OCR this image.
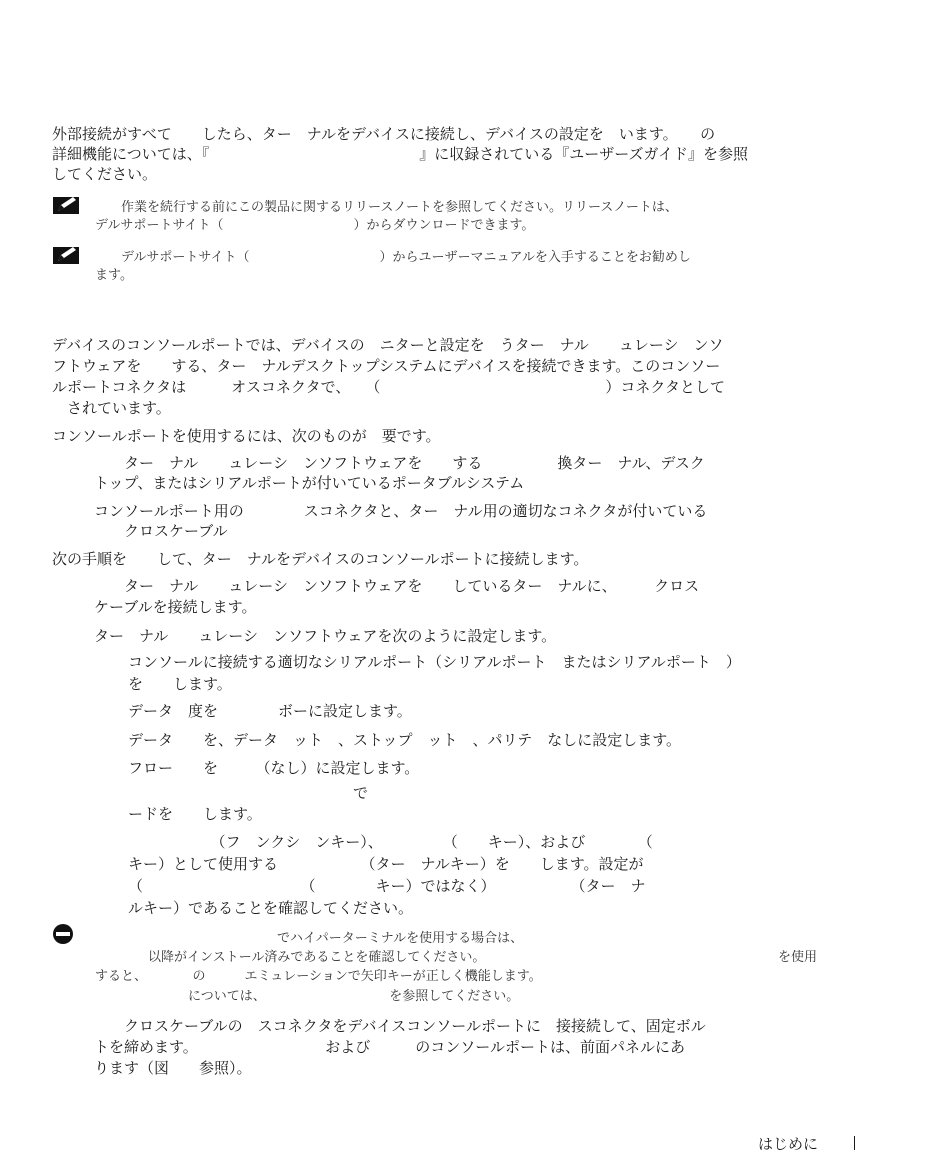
外部接続がすべて　　したら、ター　ナルをデバイスに接続し、デバイスの設定を　います。　　の
詳細機能については、『　　　　　　　　　　　　　　』に収録されている『ユーザーズガイド』を参照
してください。
　　作業を続行する前にこの製品に関するリリースノートを参照してください。リリースノートは、
デルサポートサイト（　　　　　　　　　　）からダウンロードできます。
　　デルサポートサイト（　　　　　　　　　　）からユーザーマニュアルを入手することをお勧めし
ます。
デバイスのコンソールポートでは、デバイスの　ニターと設定を　うター　ナル　　ュレーシ　ンソ
フトウェアを　　する、ター　ナルデスクトップシステムにデバイスを接続できます。このコンソー
ルポートコネクタは　　　オスコネクタで、　　（　　　　　　　　　　　　　　　）コネクタとして
　されています。
コンソールポートを使用するには、次のものが　要です。
　　ター　ナル　　ュレーシ　ンソフトウェアを　　する　　　　　換ター　ナル、デスク
トップ、またはシリアルポートが付いているポータブルシステム
コンソールポート用の　　　　スコネクタと、ター　ナル用の適切なコネクタが付いている
　　クロスケーブル
次の手順を　　して、ター　ナルをデバイスのコンソールポートに接続します。
　　ター　ナル　　ュレーシ　ンソフトウェアを　　しているター　ナルに、　　　クロス
ケーブルを接続します。
ター　ナル　　ュレーシ　ンソフトウェアを次のように設定します。
コンソールに接続する適切なシリアルポート（シリアルポート　またはシリアルポート　）
を　　します。
データ　度を　　　　ボーに設定します。
データ　　を、データ　ット　、ストップ　ット　、パリテ　なしに設定します。
フロー　　を　　　（なし）に設定します。
　　　　　　　　　　　　　　　で
ードを　　します。
　　　　　　（フ　ンクシ　ンキー）、　　　　　（　　キー）、および　　　　（
キー）として使用する　　　　　　（ター　ナルキー）を　　します。設定が
（　　　　　　　　　　　（　　　　キー）ではなく）　　　　　　（ター　ナ
ルキー）であることを確認してください。
　　　　　　　　　　　　　　でハイパーターミナルを使用する場合は、
以降がインストール済みであることを確認してください。	を使用
すると、　　　　の　　　エミュレーションで矢印キーが正しく機能します。
については、　　　　　　　　　　を参照してください。
　　クロスケーブルの　スコネクタをデバイスコンソールポートに　接接続して、固定ボル
トを締めます。　　　　　　　　　および　　　のコンソールポートは、前面パネルにあ
ります（図　　参照）。
はじめに
